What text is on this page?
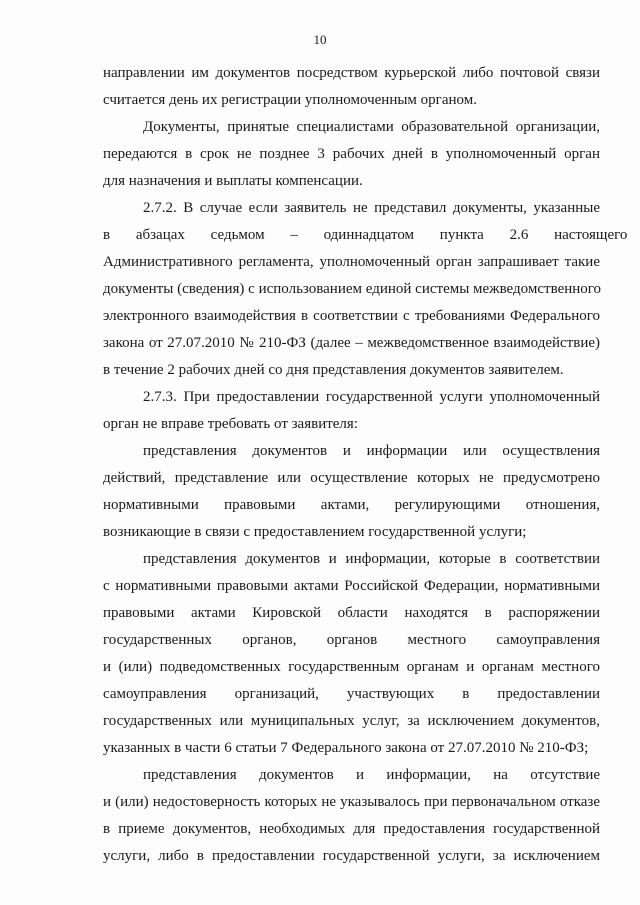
10
направлении им документов посредством курьерской либо почтовой связи
считается день их регистрации уполномоченным органом.
Документы, принятые специалистами образовательной организации,
передаются в срок не позднее 3 рабочих дней в уполномоченный орган
для назначения и выплаты компенсации.
2.7.2. В случае если заявитель не представил документы, указанные
в абзацах седьмом – одиннадцатом пункта 2.6 настоящего
Административного регламента, уполномоченный орган запрашивает такие
документы (сведения) с использованием единой системы межведомственного
электронного взаимодействия в соответствии с требованиями Федерального
закона от 27.07.2010 № 210-ФЗ (далее – межведомственное взаимодействие)
в течение 2 рабочих дней со дня представления документов заявителем.
2.7.3. При предоставлении государственной услуги уполномоченный
орган не вправе требовать от заявителя:
представления документов и информации или осуществления
действий, представление или осуществление которых не предусмотрено
нормативными правовыми актами, регулирующими отношения,
возникающие в связи с предоставлением государственной услуги;
представления документов и информации, которые в соответствии
с нормативными правовыми актами Российской Федерации, нормативными
правовыми актами Кировской области находятся в распоряжении
государственных органов, органов местного самоуправления
и (или) подведомственных государственным органам и органам местного
самоуправления организаций, участвующих в предоставлении
государственных или муниципальных услуг, за исключением документов,
указанных в части 6 статьи 7 Федерального закона от 27.07.2010 № 210-ФЗ;
представления документов и информации, на отсутствие
и (или) недостоверность которых не указывалось при первоначальном отказе
в приеме документов, необходимых для предоставления государственной
услуги, либо в предоставлении государственной услуги, за исключением
